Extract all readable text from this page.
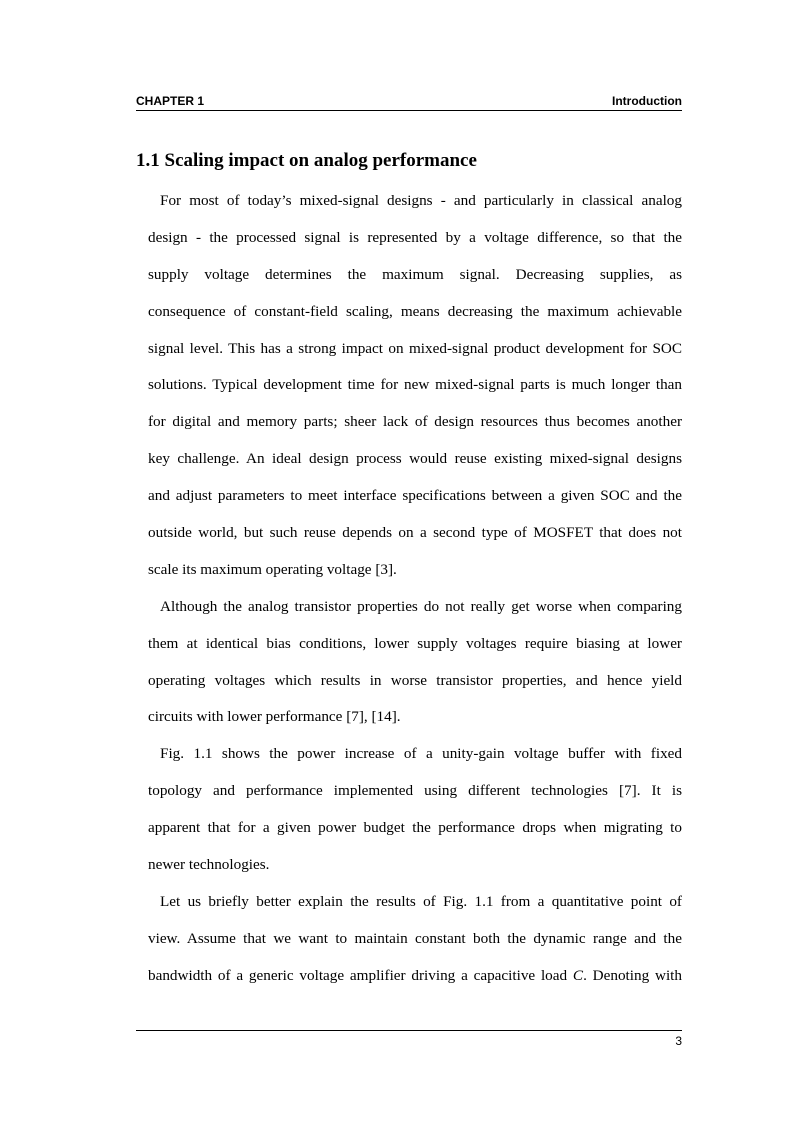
CHAPTER 1	Introduction
1.1 Scaling impact on analog performance
For most of today’s mixed-signal designs - and particularly in classical analog
design - the processed signal is represented by a voltage difference, so that the
supply voltage determines the maximum signal. Decreasing supplies, as
consequence of constant-field scaling, means decreasing the maximum achievable
signal level. This has a strong impact on mixed-signal product development for SOC
solutions. Typical development time for new mixed-signal parts is much longer than
for digital and memory parts; sheer lack of design resources thus becomes another
key challenge. An ideal design process would reuse existing mixed-signal designs
and adjust parameters to meet interface specifications between a given SOC and the
outside world, but such reuse depends on a second type of MOSFET that does not
scale its maximum operating voltage [3].
Although the analog transistor properties do not really get worse when comparing
them at identical bias conditions, lower supply voltages require biasing at lower
operating voltages which results in worse transistor properties, and hence yield
circuits with lower performance [7], [14].
Fig. 1.1 shows the power increase of a unity-gain voltage buffer with fixed
topology and performance implemented using different technologies [7]. It is
apparent that for a given power budget the performance drops when migrating to
newer technologies.
Let us briefly better explain the results of Fig. 1.1 from a quantitative point of
view. Assume that we want to maintain constant both the dynamic range and the
bandwidth of a generic voltage amplifier driving a capacitive load C. Denoting with
3
